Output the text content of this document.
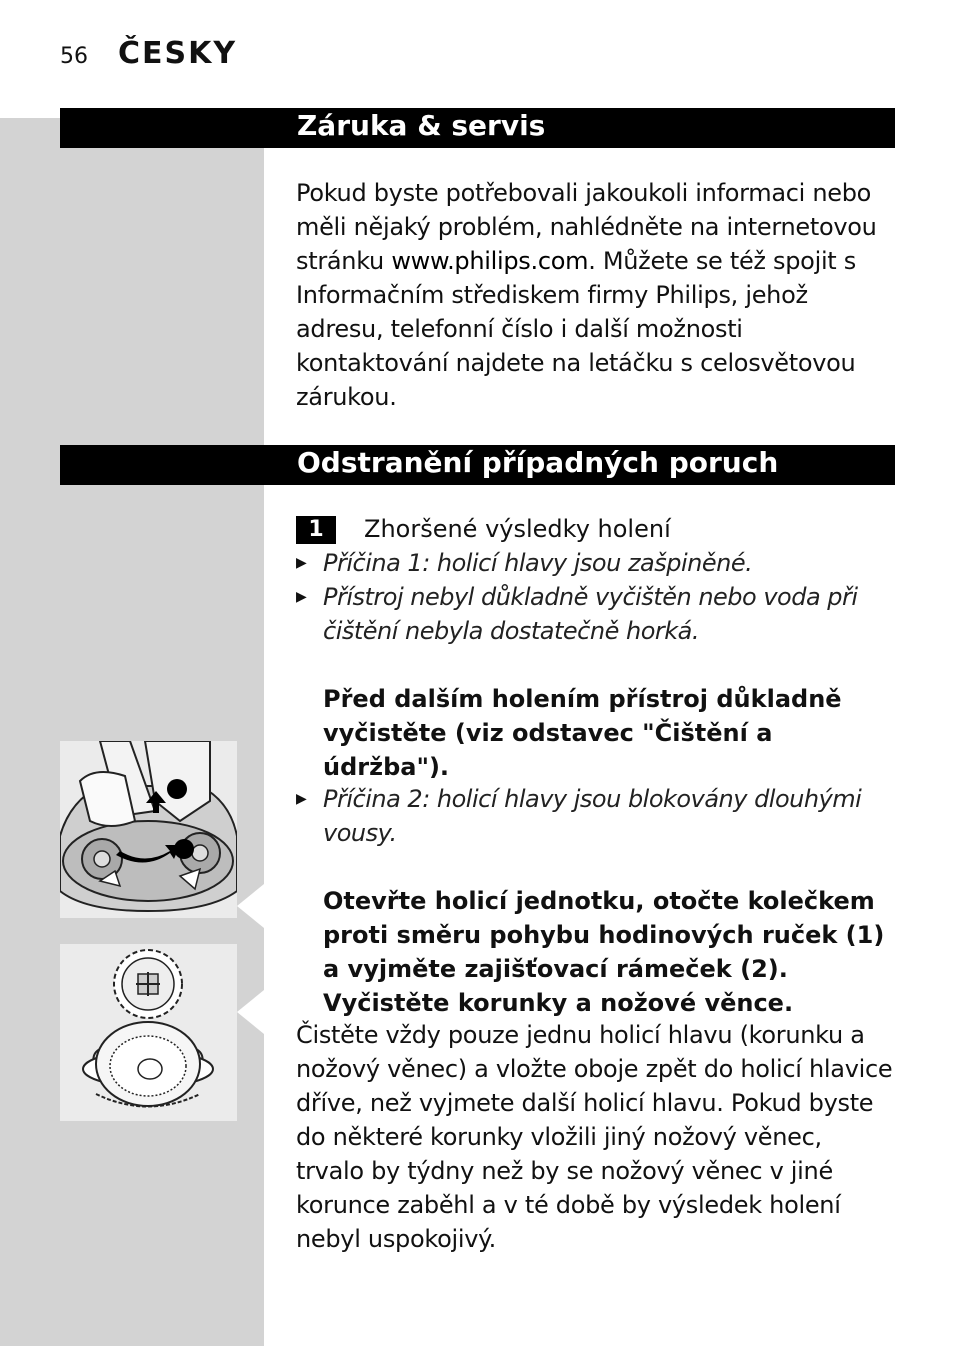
56 ČESKY
Záruka & servis
Pokud byste potřebovali jakoukoli informaci nebo měli nějaký problém, nahlédněte na internetovou stránku www.philips.com. Můžete se též spojit s Informačním střediskem firmy Philips, jehož adresu, telefonní číslo i další možnosti kontaktování najdete na letáčku s celosvětovou zárukou.
Odstranění případných poruch
1	Zhoršené výsledky holení
▶ Příčina 1: holicí hlavy jsou zašpiněné.
▶ Přístroj nebyl důkladně vyčištěn nebo voda při čištění nebyla dostatečně horká.
Před dalším holením přístroj důkladně vyčistěte (viz odstavec "Čištění a údržba").
▶ Příčina 2: holicí hlavy jsou blokovány dlouhými vousy.
Otevřte holicí jednotku, otočte kolečkem proti směru pohybu hodinových ruček (1) a vyjměte zajišťovací rámeček (2).
Vyčistěte korunky a nožové věnce.
Čistěte vždy pouze jednu holicí hlavu (korunku a nožový věnec) a vložte oboje zpět do holicí hlavice dříve, než vyjmete další holicí hlavu. Pokud byste do některé korunky vložili jiný nožový věnec, trvalo by týdny než by se nožový věnec v jiné korunce zaběhl a v té době by výsledek holení nebyl uspokojivý.
